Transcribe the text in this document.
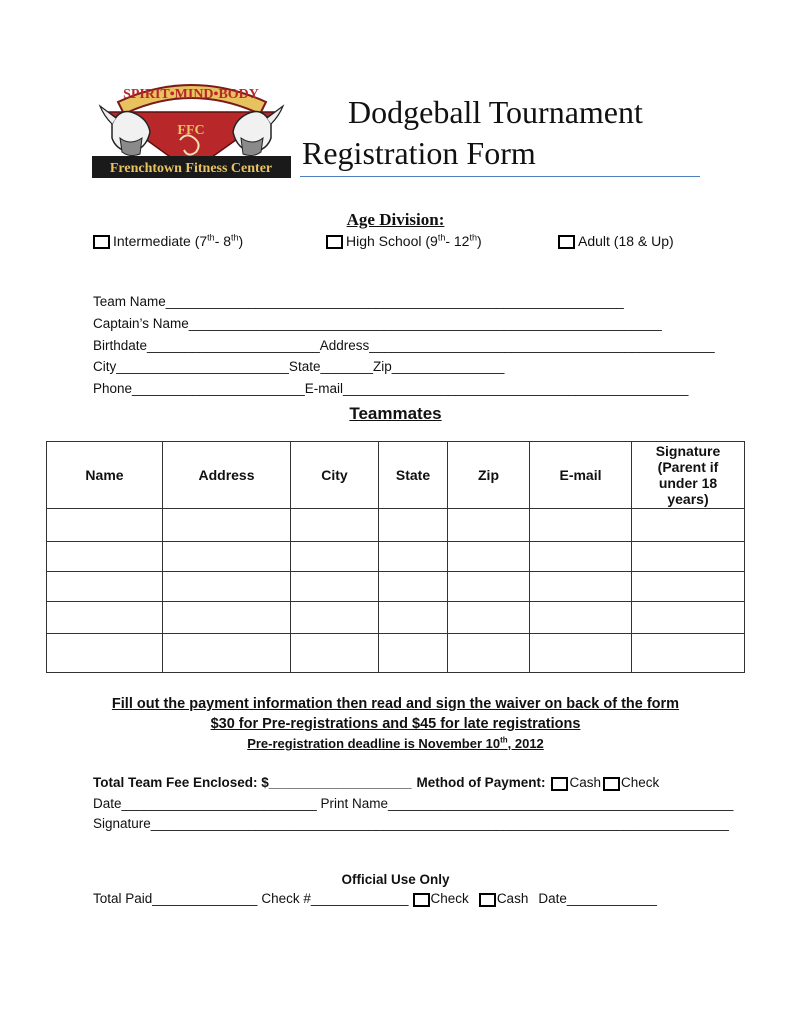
SPIRIT•MIND•BODY
FFC
Frenchtown Fitness Center
Dodgeball Tournament
Registration Form
Age Division:
Intermediate (7th- 8th)	High School (9th- 12th)	Adult (18 & Up)
Team Name_____________________________________________________________
Captain’s Name_______________________________________________________________
Birthdate_______________________Address______________________________________________
City_______________________State_______Zip_______________
Phone_______________________E-mail______________________________________________
Teammates
Name	Address	City	State	Zip	E-mail	Signature
(Parent if
under 18
years)

Fill out the payment information then read and sign the waiver on back of the form
$30 for Pre-registrations and $45 for late registrations
Pre-registration deadline is November 10th, 2012
Total Team Fee Enclosed: $___________________ Method of Payment: Cash Check
Date__________________________ Print Name______________________________________________
Signature_____________________________________________________________________________
Official Use Only
Total Paid______________ Check #_____________ Check Cash Date____________
